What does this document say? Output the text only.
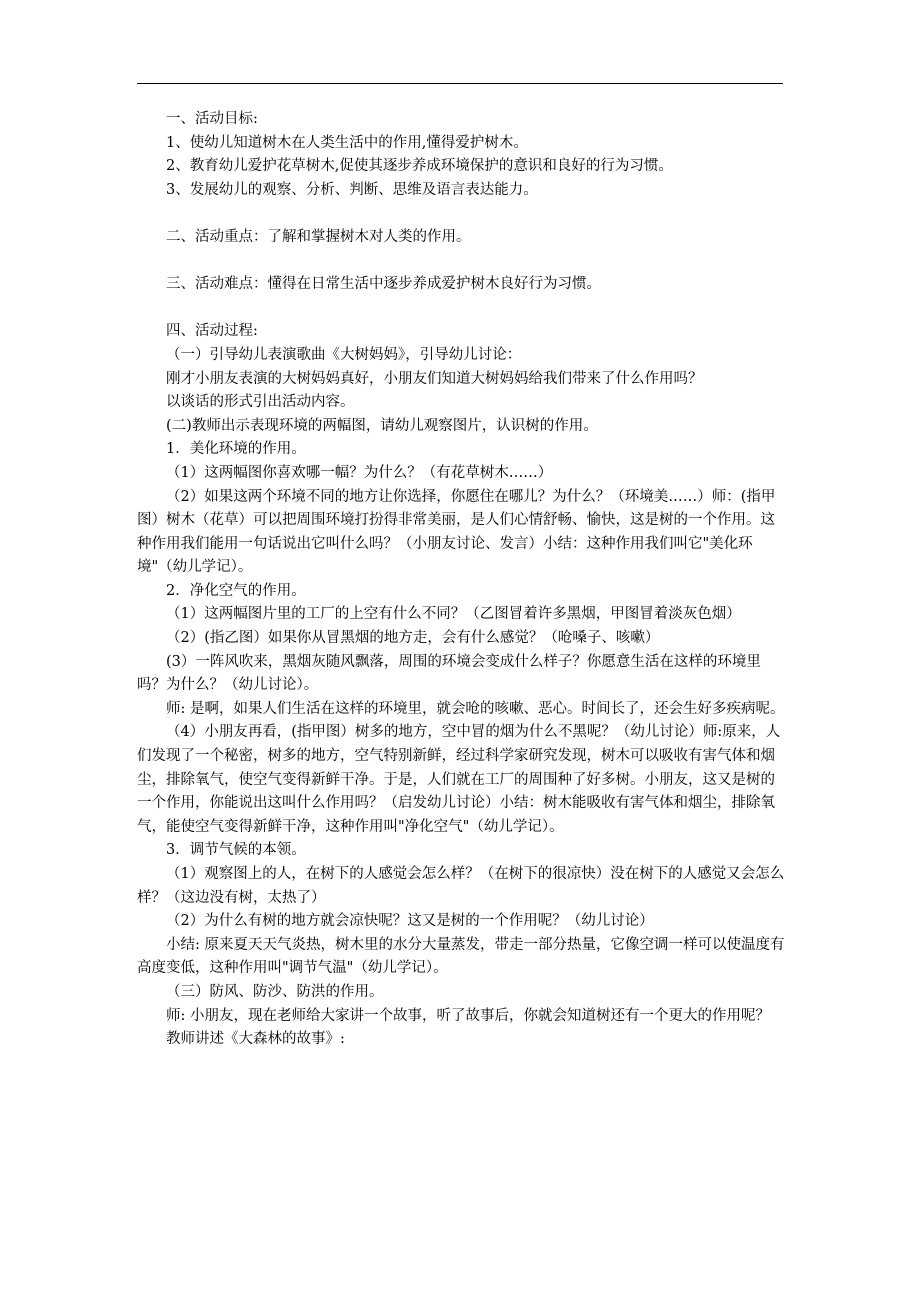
一、活动目标:

1、使幼儿知道树木在人类生活中的作用,懂得爱护树木。

2、教育幼儿爱护花草树木,促使其逐步养成环境保护的意识和良好的行为习惯。

3、发展幼儿的观察、分析、判断、思维及语言表达能力。

二、活动重点：了解和掌握树木对人类的作用。

三、活动难点：懂得在日常生活中逐步养成爱护树木良好行为习惯。

四、活动过程:

（一）引导幼儿表演歌曲《大树妈妈》，引导幼儿讨论：

刚才小朋友表演的大树妈妈真好，小朋友们知道大树妈妈给我们带来了什么作用吗？

以谈话的形式引出活动内容。

(二)教师出示表现环境的两幅图，请幼儿观察图片，认识树的作用。

1．美化环境的作用。

（1）这两幅图你喜欢哪一幅？为什么？（有花草树木……）

（2）如果这两个环境不同的地方让你选择，你愿住在哪儿？为什么？（环境美……）师：(指甲图）树木（花草）可以把周围环境打扮得非常美丽，是人们心情舒畅、愉快，这是树的一个作用。这种作用我们能用一句话说出它叫什么吗？（小朋友讨论、发言）小结：这种作用我们叫它"美化环境"（幼儿学记）。

2．净化空气的作用。

（1）这两幅图片里的工厂的上空有什么不同？（乙图冒着许多黑烟，甲图冒着淡灰色烟）

（2）(指乙图）如果你从冒黑烟的地方走，会有什么感觉？（呛嗓子、咳嗽）

(3）一阵风吹来，黑烟灰随风飘落，周围的环境会变成什么样子？你愿意生活在这样的环境里吗？为什么？（幼儿讨论）。

师: 是啊，如果人们生活在这样的环境里，就会呛的咳嗽、恶心。时间长了，还会生好多疾病呢。

（4）小朋友再看，(指甲图）树多的地方，空中冒的烟为什么不黑呢？（幼儿讨论）师:原来，人们发现了一个秘密，树多的地方，空气特别新鲜，经过科学家研究发现，树木可以吸收有害气体和烟尘，排除氧气，使空气变得新鲜干净。于是，人们就在工厂的周围种了好多树。小朋友，这又是树的一个作用，你能说出这叫什么作用吗？（启发幼儿讨论）小结：树木能吸收有害气体和烟尘，排除氧气，能使空气变得新鲜干净，这种作用叫"净化空气"（幼儿学记）。

3．调节气候的本领。

（1）观察图上的人，在树下的人感觉会怎么样？（在树下的很凉快）没在树下的人感觉又会怎么样？（这边没有树，太热了）

（2）为什么有树的地方就会凉快呢？这又是树的一个作用呢？（幼儿讨论）

小结: 原来夏天天气炎热，树木里的水分大量蒸发，带走一部分热量，它像空调一样可以使温度有高度变低，这种作用叫"调节气温"（幼儿学记）。

（三）防风、防沙、防洪的作用。

师: 小朋友，现在老师给大家讲一个故事，听了故事后，你就会知道树还有一个更大的作用呢？

教师讲述《大森林的故事》:
